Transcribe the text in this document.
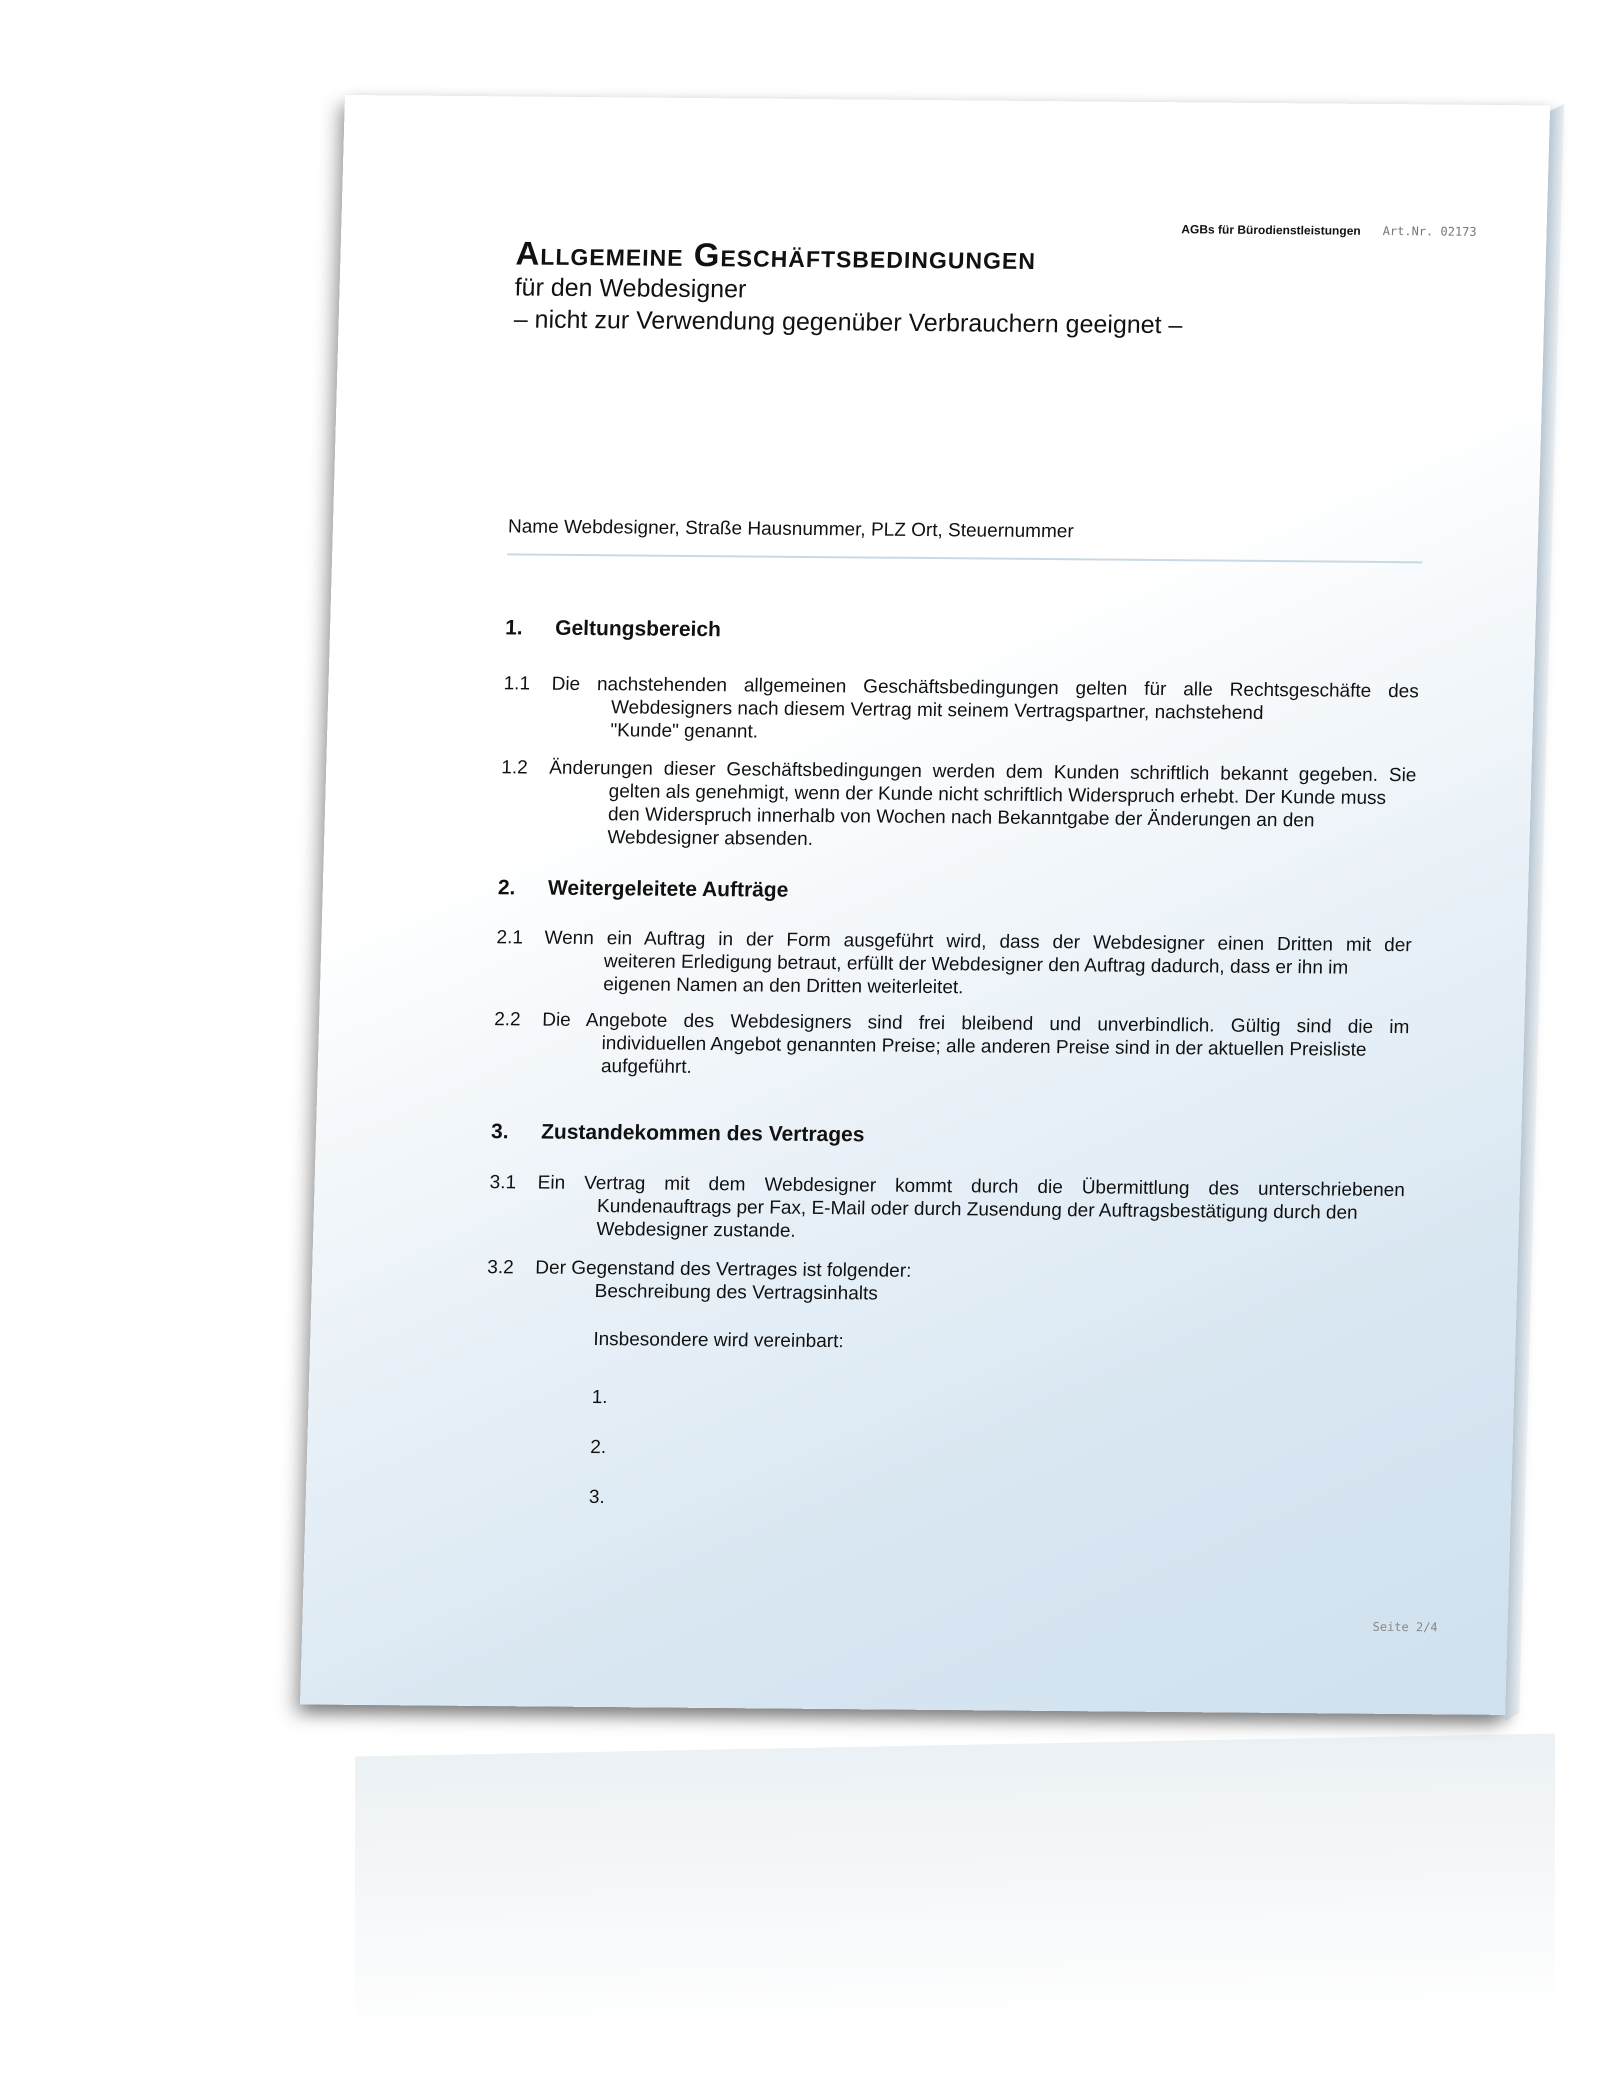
AGBs für Bürodienstleistungen Art.Nr. 02173
Allgemeine Geschäftsbedingungen
für den Webdesigner
– nicht zur Verwendung gegenüber Verbrauchern geeignet –
Name Webdesigner, Straße Hausnummer, PLZ Ort, Steuernummer
1. Geltungsbereich
1.1	Die nachstehenden allgemeinen Geschäftsbedingungen gelten für alle Rechtsgeschäfte des
Webdesigners nach diesem Vertrag mit seinem Vertragspartner, nachstehend
"Kunde" genannt.
1.2	Änderungen dieser Geschäftsbedingungen werden dem Kunden schriftlich bekannt gegeben. Sie
gelten als genehmigt, wenn der Kunde nicht schriftlich Widerspruch erhebt. Der Kunde muss
den Widerspruch innerhalb von Wochen nach Bekanntgabe der Änderungen an den
Webdesigner absenden.
2. Weitergeleitete Aufträge
2.1	Wenn ein Auftrag in der Form ausgeführt wird, dass der Webdesigner einen Dritten mit der
weiteren Erledigung betraut, erfüllt der Webdesigner den Auftrag dadurch, dass er ihn im
eigenen Namen an den Dritten weiterleitet.
2.2	Die Angebote des Webdesigners sind frei bleibend und unverbindlich. Gültig sind die im
individuellen Angebot genannten Preise; alle anderen Preise sind in der aktuellen Preisliste
aufgeführt.
3. Zustandekommen des Vertrages
3.1	Ein Vertrag mit dem Webdesigner kommt durch die Übermittlung des unterschriebenen
Kundenauftrags per Fax, E-Mail oder durch Zusendung der Auftragsbestätigung durch den
Webdesigner zustande.
3.2	Der Gegenstand des Vertrages ist folgender:
Beschreibung des Vertragsinhalts
Insbesondere wird vereinbart:
1.
2.
3.
Seite 2/4
